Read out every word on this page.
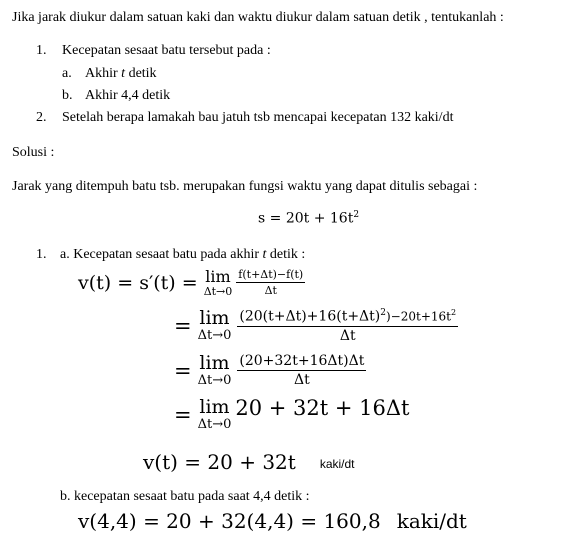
Jika jarak diukur dalam satuan kaki dan waktu diukur dalam satuan detik , tentukanlah :
1. Kecepatan sesaat batu tersebut pada :
a. Akhir t detik
b. Akhir 4,4 detik
2. Setelah berapa lamakah bau jatuh tsb mencapai kecepatan 132 kaki/dt
Solusi :
Jarak yang ditempuh batu tsb. merupakan fungsi waktu yang dapat ditulis sebagai :
$s = 20t + 16t^2$
1. a. Kecepatan sesaat batu pada akhir t detik :
v(t) = s′(t) = lim
$\Delta t\to 0 \frac{f(t+\Delta t)-f(t)}{\Delta t}$
= lim
$\Delta t\to 0 \frac{(20(t+\Delta t)+16(t+\Delta t)^2)-20t+16t^2}{\Delta t}$
= lim
$\Delta t\to 0 \frac{(20+32t+16\Delta t)\Delta t}{\Delta t}$
= lim
Δt→0
20 + 32t + 16Δt
v(t) = 20 + 32t kaki/dt
b. kecepatan sesaat batu pada saat 4,4 detik :
v(4,4) = 20 + 32(4,4) = 160,8 kaki/dt
